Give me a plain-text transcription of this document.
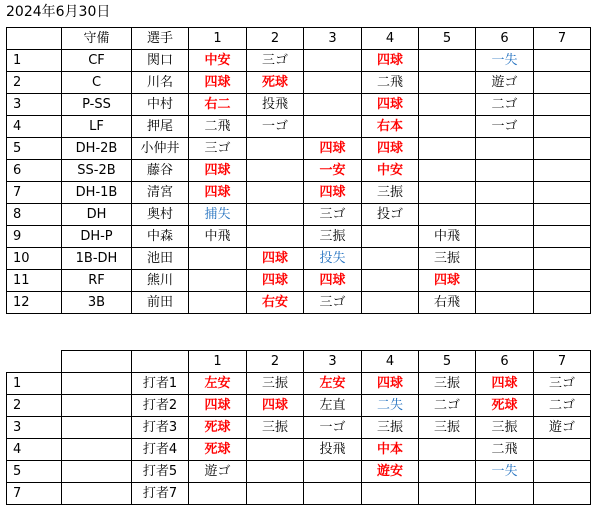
2024年6月30日
	守備	選手	1	2	3	4	5	6	7
1	CF	関口	中安	三ゴ		四球		一失	
2	C	川名	四球	死球		二飛		遊ゴ	
3	P-SS	中村	右二	投飛		四球		二ゴ	
4	LF	押尾	二飛	一ゴ		右本		一ゴ	
5	DH-2B	小仲井	三ゴ		四球	四球			
6	SS-2B	藤谷	四球		一安	中安			
7	DH-1B	清宮	四球		四球	三振			
8	DH	奥村	捕失		三ゴ	投ゴ			
9	DH-P	中森	中飛		三振		中飛		
10	1B-DH	池田		四球	投失		三振		
11	RF	熊川		四球	四球		四球		
12	3B	前田		右安	三ゴ		右飛		
			1	2	3	4	5	6	7
1		打者1	左安	三振	左安	四球	三振	四球	三ゴ
2		打者2	四球	四球	左直	二失	二ゴ	死球	二ゴ
3		打者3	死球	三振	一ゴ	三振	三振	三振	遊ゴ
4		打者4	死球		投飛	中本		二飛	
5		打者5	遊ゴ			遊安		一失	
7		打者7							
